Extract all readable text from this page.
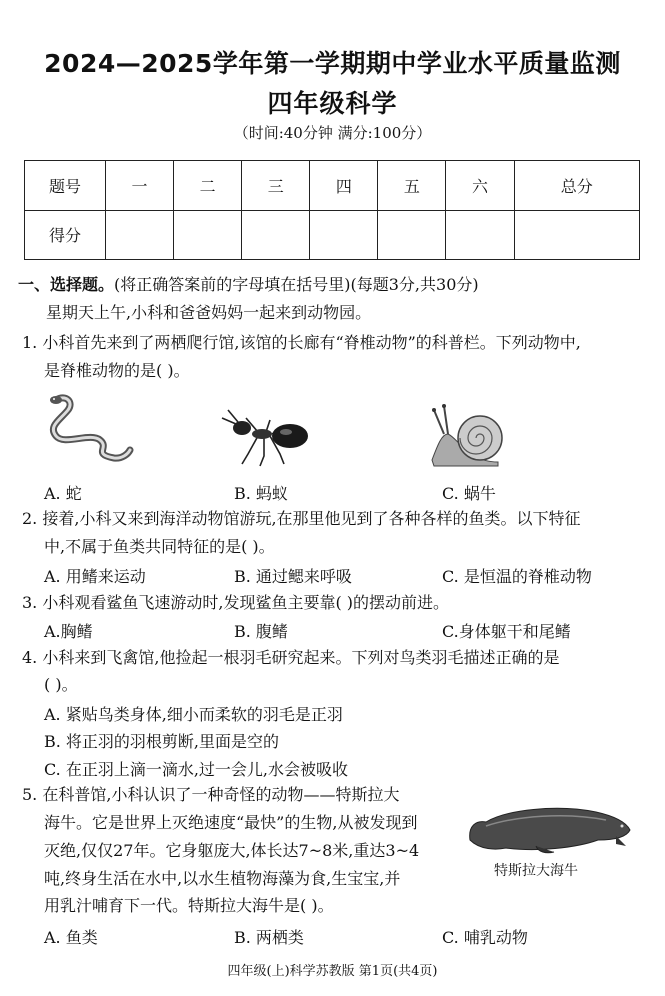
2024—2025学年第一学期期中学业水平质量监测
四年级科学
（时间:40分钟 满分:100分）
题号	一	二	三	四	五	六	总分
得分							
一、选择题。(将正确答案前的字母填在括号里)(每题3分,共30分)
星期天上午,小科和爸爸妈妈一起来到动物园。
1. 小科首先来到了两栖爬行馆,该馆的长廊有“脊椎动物”的科普栏。下列动物中,
是脊椎动物的是( )。
A. 蛇	B. 蚂蚁	C. 蜗牛
2. 接着,小科又来到海洋动物馆游玩,在那里他见到了各种各样的鱼类。以下特征
中,不属于鱼类共同特征的是( )。
A. 用鳍来运动	B. 通过鳃来呼吸	C. 是恒温的脊椎动物
3. 小科观看鲨鱼飞速游动时,发现鲨鱼主要靠( )的摆动前进。
A.胸鳍	B. 腹鳍	C.身体躯干和尾鳍
4. 小科来到飞禽馆,他捡起一根羽毛研究起来。下列对鸟类羽毛描述正确的是
( )。
A. 紧贴鸟类身体,细小而柔软的羽毛是正羽
B. 将正羽的羽根剪断,里面是空的
C. 在正羽上滴一滴水,过一会儿,水会被吸收
5. 在科普馆,小科认识了一种奇怪的动物——特斯拉大
海牛。它是世界上灭绝速度“最快”的生物,从被发现到
灭绝,仅仅27年。它身躯庞大,体长达7~8米,重达3~4
吨,终身生活在水中,以水生植物海藻为食,生宝宝,并
用乳汁哺育下一代。特斯拉大海牛是( )。
特斯拉大海牛
A. 鱼类	B. 两栖类	C. 哺乳动物
四年级(上)科学苏教版 第1页(共4页)
